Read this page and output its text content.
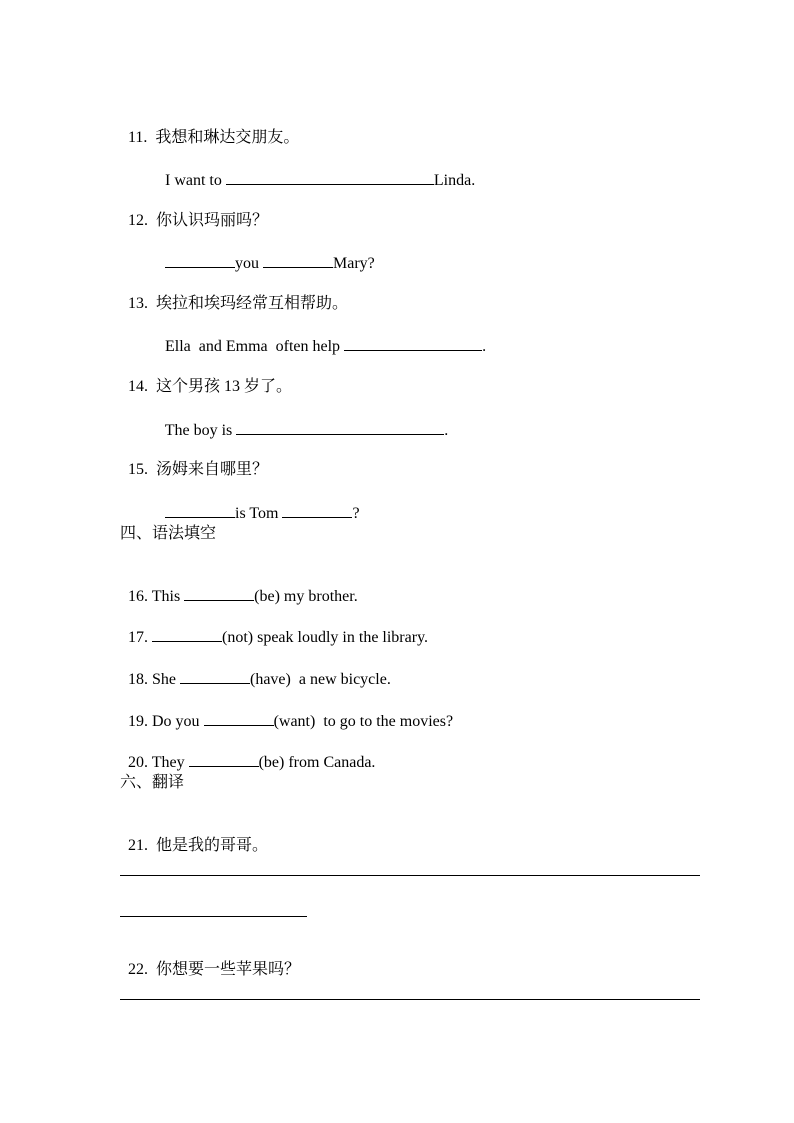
11. 我想和琳达交朋友。

I want to	Linda.

12. 你认识玛丽吗？

you	Mary?

13. 埃拉和埃玛经常互相帮助。

Ella  and Emma  often help	.

14. 这个男孩 13 岁了。

The boy is	.

15. 汤姆来自哪里？

is Tom	?

四、语法填空

16. This	(be) my brother.

17.	(not) speak loudly in the library.

18. She	(have)  a new bicycle.

19. Do you	(want)  to go to the movies?

20. They	(be) from Canada.

六、翻译

21. 他是我的哥哥。

22. 你想要一些苹果吗？
